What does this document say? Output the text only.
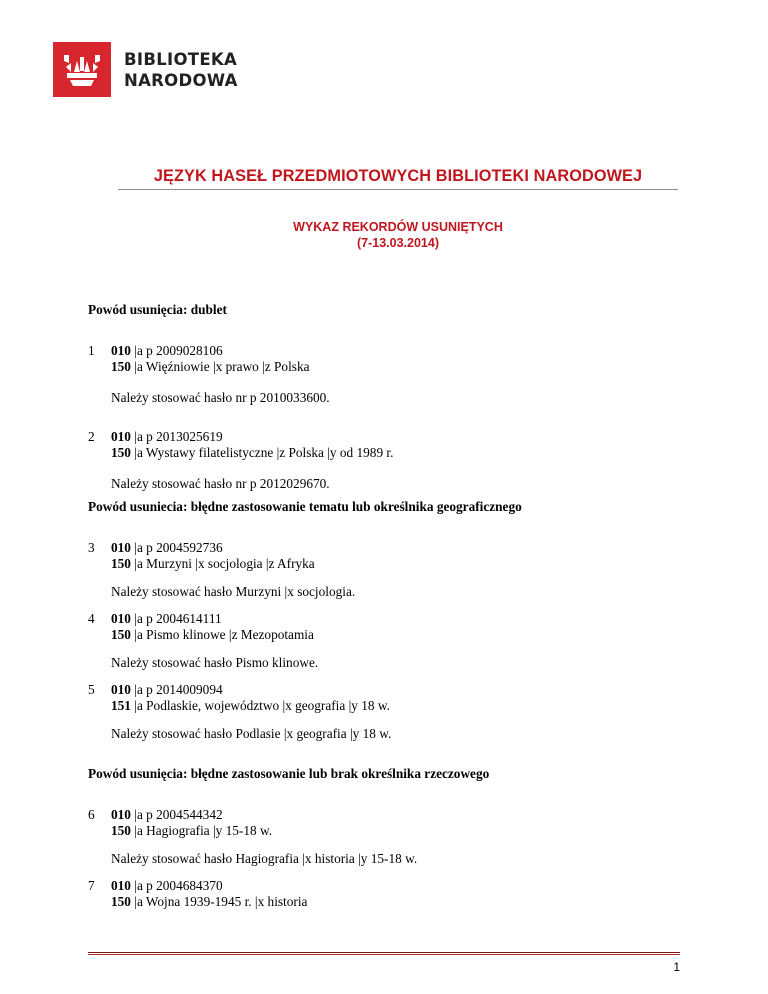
BIBLIOTEKA
NARODOWA
JĘZYK HASEŁ PRZEDMIOTOWYCH BIBLIOTEKI NARODOWEJ
WYKAZ REKORDÓW USUNIĘTYCH
(7-13.03.2014)
Powód usunięcia: dublet
1 010 |a p 2009028106
150 |a Więźniowie |x prawo |z Polska
Należy stosować hasło nr p 2010033600.
2 010 |a p 2013025619
150 |a Wystawy filatelistyczne |z Polska |y od 1989 r.
Należy stosować hasło nr p 2012029670.
Powód usuniecia: błędne zastosowanie tematu lub określnika geograficznego
3 010 |a p 2004592736
150 |a Murzyni |x socjologia |z Afryka
Należy stosować hasło Murzyni |x socjologia.
4 010 |a p 2004614111
150 |a Pismo klinowe |z Mezopotamia
Należy stosować hasło Pismo klinowe.
5 010 |a p 2014009094
151 |a Podlaskie, województwo |x geografia |y 18 w.
Należy stosować hasło Podlasie |x geografia |y 18 w.
Powód usunięcia: błędne zastosowanie lub brak określnika rzeczowego
6 010 |a p 2004544342
150 |a Hagiografia |y 15-18 w.
Należy stosować hasło Hagiografia |x historia |y 15-18 w.
7 010 |a p 2004684370
150 |a Wojna 1939-1945 r. |x historia
1
